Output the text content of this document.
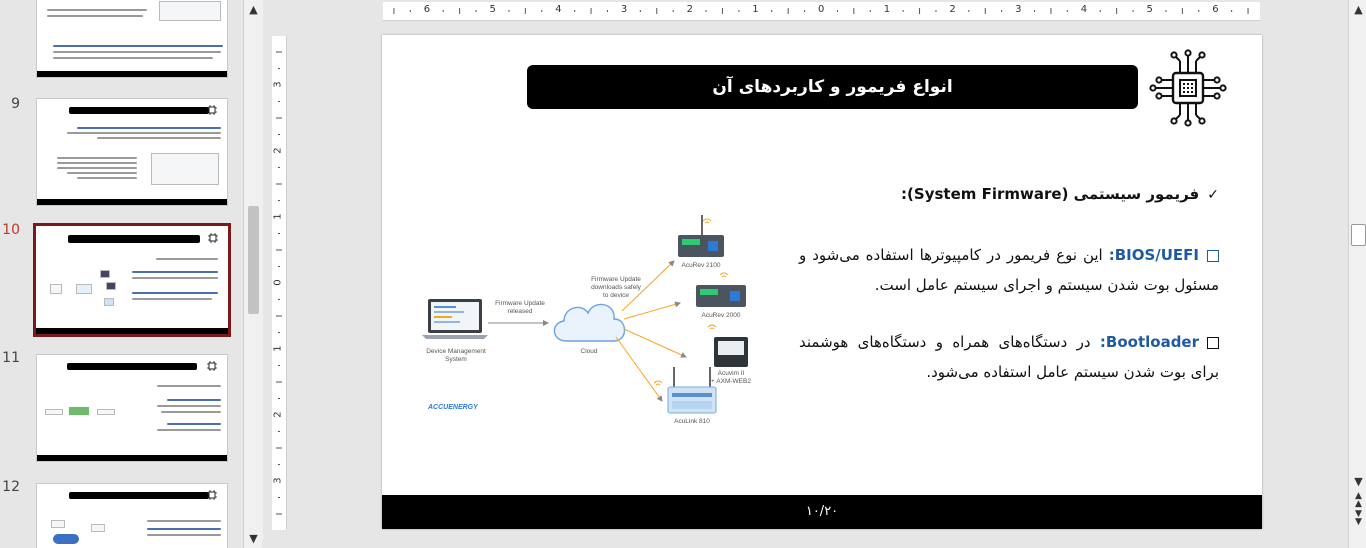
9
10
11
12
▲
▼
6	5	4	3	2	1	0	1	2	3	4	5	6
3
2
1
0
1
2
3
انواع فریمور و کاربردهای آن
✓فریمور سیستمی (System Firmware):
BIOS/UEFI: این نوع فریمور در کامپیوترها استفاده می‌شود و مسئول بوت شدن سیستم و اجرای سیستم عامل است.
Bootloader: در دستگاه‌های همراه و دستگاه‌های هوشمند برای بوت شدن سیستم عامل استفاده می‌شود.
Device Management
System
Firmware Update
released
Cloud
Firmware Update
downloads safely
to device
AcuRev 2100
AcuRev 2000
Acuvim II
+ AXM-WEB2
AcuLink 810
ACCUENERGY
۱۰/۲۰
▲
▼
▲
▲
▼
▼
